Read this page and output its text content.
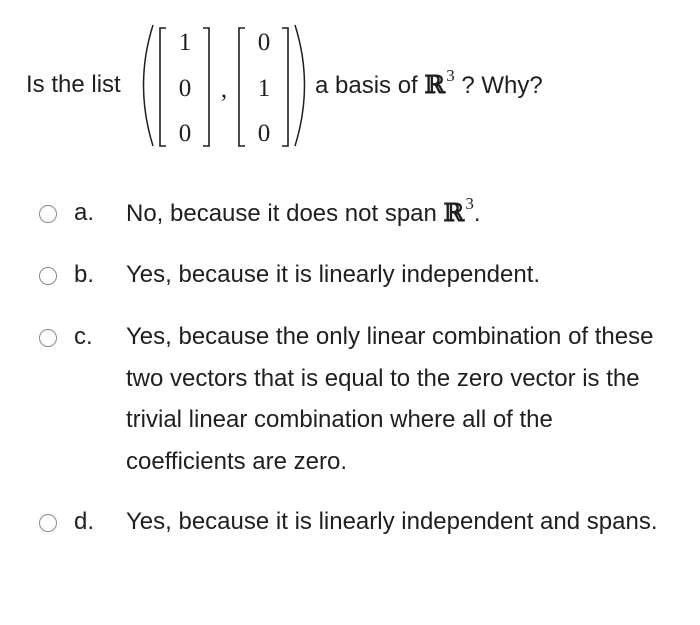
Is the list
1
0
0
,
0
1
0
a basis of ℝ$^3$ ? Why?
a. No, because it does not span ℝ$^3$.
b. Yes, because it is linearly independent.
c. Yes, because the only linear combination of these two vectors that is equal to the zero vector is the trivial linear combination where all of the coefficients are zero.
d. Yes, because it is linearly independent and spans.
